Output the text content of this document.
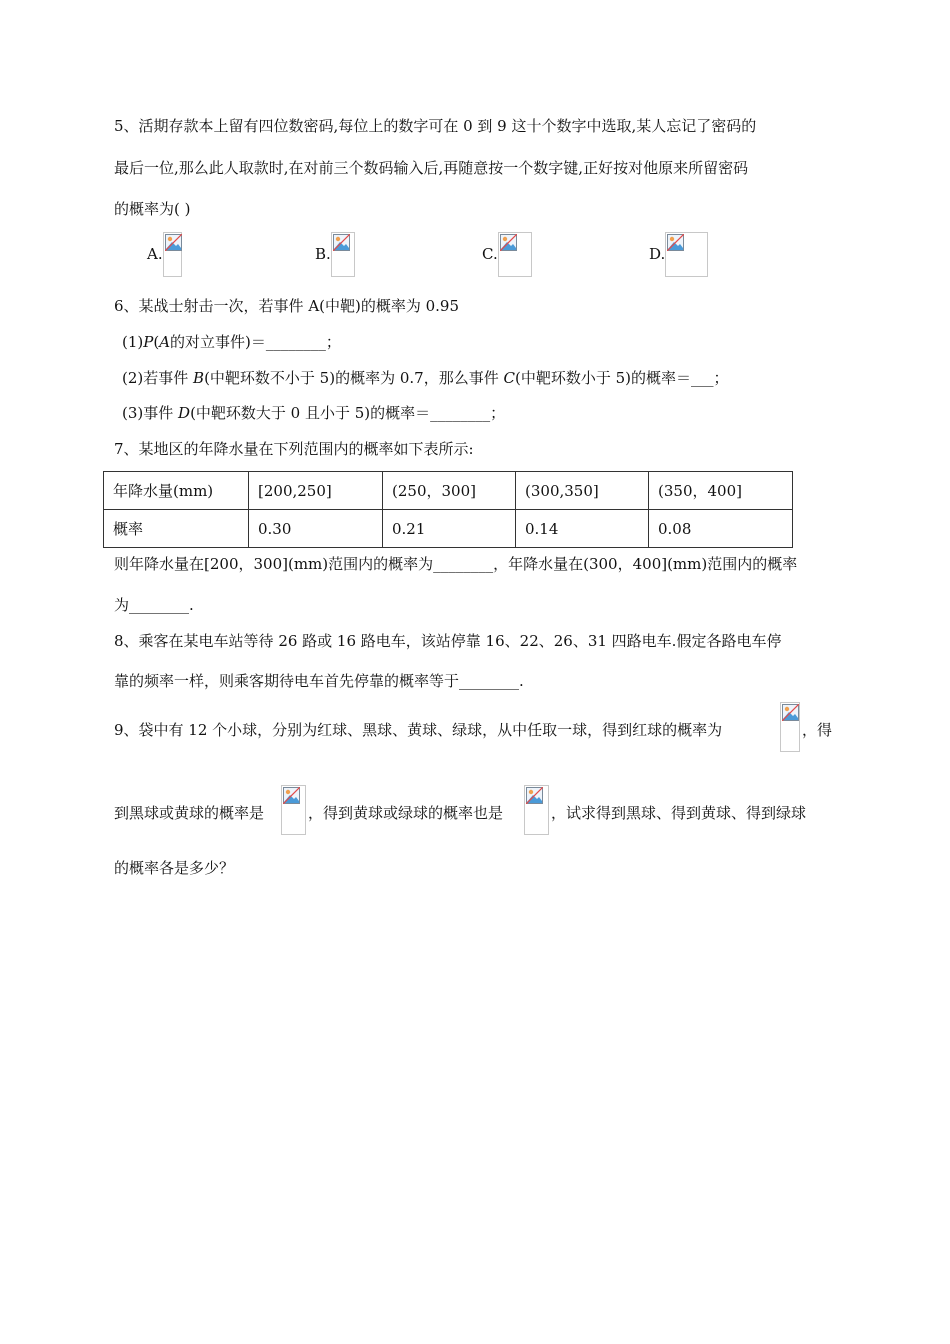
5、活期存款本上留有四位数密码,每位上的数字可在 0 到 9 这十个数字中选取,某人忘记了密码的
最后一位,那么此人取款时,在对前三个数码输入后,再随意按一个数字键,正好按对他原来所留密码
的概率为( )
A.	B.	C.	D.
6、某战士射击一次，若事件 A(中靶)的概率为 0.95
(1)P(A的对立事件)＝________；
(2)若事件 B(中靶环数不小于 5)的概率为 0.7，那么事件 C(中靶环数小于 5)的概率＝___；
(3)事件 D(中靶环数大于 0 且小于 5)的概率＝________；
7、某地区的年降水量在下列范围内的概率如下表所示:
年降水量(mm)	[200,250]	(250，300]	(300,350]	(350，400]
概率	0.30	0.21	0.14	0.08
则年降水量在[200，300](mm)范围内的概率为________，年降水量在(300，400](mm)范围内的概率
为________.
8、乘客在某电车站等待 26 路或 16 路电车，该站停靠 16、22、26、31 四路电车.假定各路电车停
靠的频率一样，则乘客期待电车首先停靠的概率等于________.
9、袋中有 12 个小球，分别为红球、黑球、黄球、绿球，从中任取一球，得到红球的概率为	，得
到黑球或黄球的概率是	，得到黄球或绿球的概率也是	，试求得到黑球、得到黄球、得到绿球
的概率各是多少？
